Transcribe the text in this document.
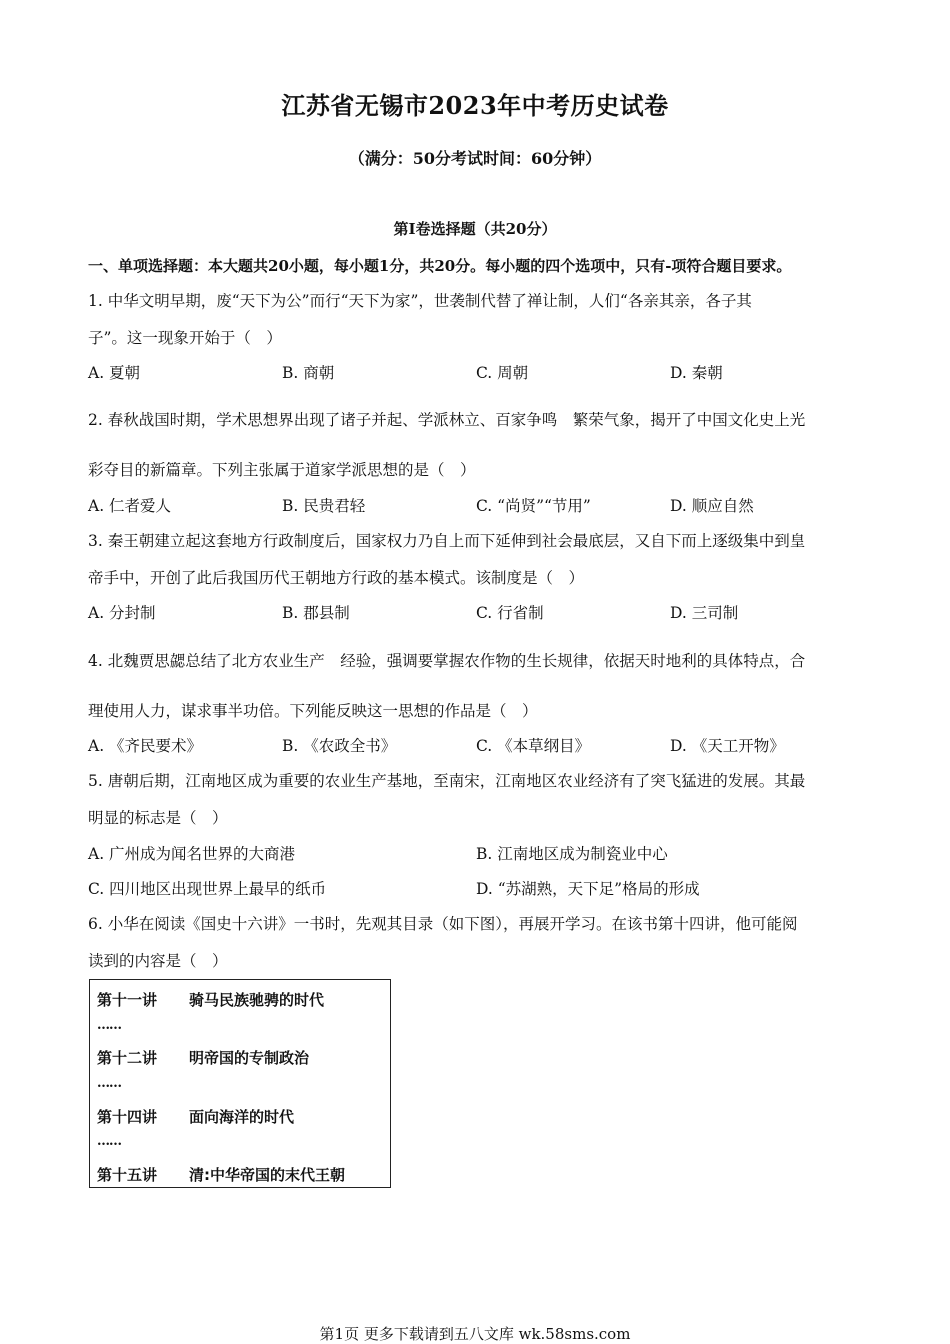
江苏省无锡市2023年中考历史试卷
（满分：50分考试时间：60分钟）
第I卷选择题（共20分）
一、单项选择题：本大题共20小题，每小题1分，共20分。每小题的四个选项中，只有-项符合题目要求。
1. 中华文明早期，废“天下为公”而行“天下为家”，世袭制代替了禅让制，人们“各亲其亲，各子其
子”。这一现象开始于（　）
A. 夏朝	B. 商朝	C. 周朝	D. 秦朝
2. 春秋战国时期，学术思想界出现了诸子并起、学派林立、百家争鸣　繁荣气象，揭开了中国文化史上光
彩夺目的新篇章。下列主张属于道家学派思想的是（　）
A. 仁者爱人	B. 民贵君轻	C. “尚贤”“节用”	D. 顺应自然
3. 秦王朝建立起这套地方行政制度后，国家权力乃自上而下延伸到社会最底层，又自下而上逐级集中到皇
帝手中，开创了此后我国历代王朝地方行政的基本模式。该制度是（　）
A. 分封制	B. 郡县制	C. 行省制	D. 三司制
4. 北魏贾思勰总结了北方农业生产　经验，强调要掌握农作物的生长规律，依据天时地利的具体特点，合
理使用人力，谋求事半功倍。下列能反映这一思想的作品是（　）
A. 《齐民要术》	B. 《农政全书》	C. 《本草纲目》	D. 《天工开物》
5. 唐朝后期，江南地区成为重要的农业生产基地，至南宋，江南地区农业经济有了突飞猛进的发展。其最
明显的标志是（　）
A. 广州成为闻名世界的大商港	B. 江南地区成为制瓷业中心
C. 四川地区出现世界上最早的纸币	D. “苏湖熟，天下足”格局的形成
6. 小华在阅读《国史十六讲》一书时，先观其目录（如下图），再展开学习。在该书第十四讲，他可能阅
读到的内容是（　）
第十一讲 骑马民族驰骋的时代
……
第十二讲 明帝国的专制政治
……
第十四讲 面向海洋的时代
……
第十五讲 清:中华帝国的末代王朝
第1页 更多下载请到五八文库 wk.58sms.com
